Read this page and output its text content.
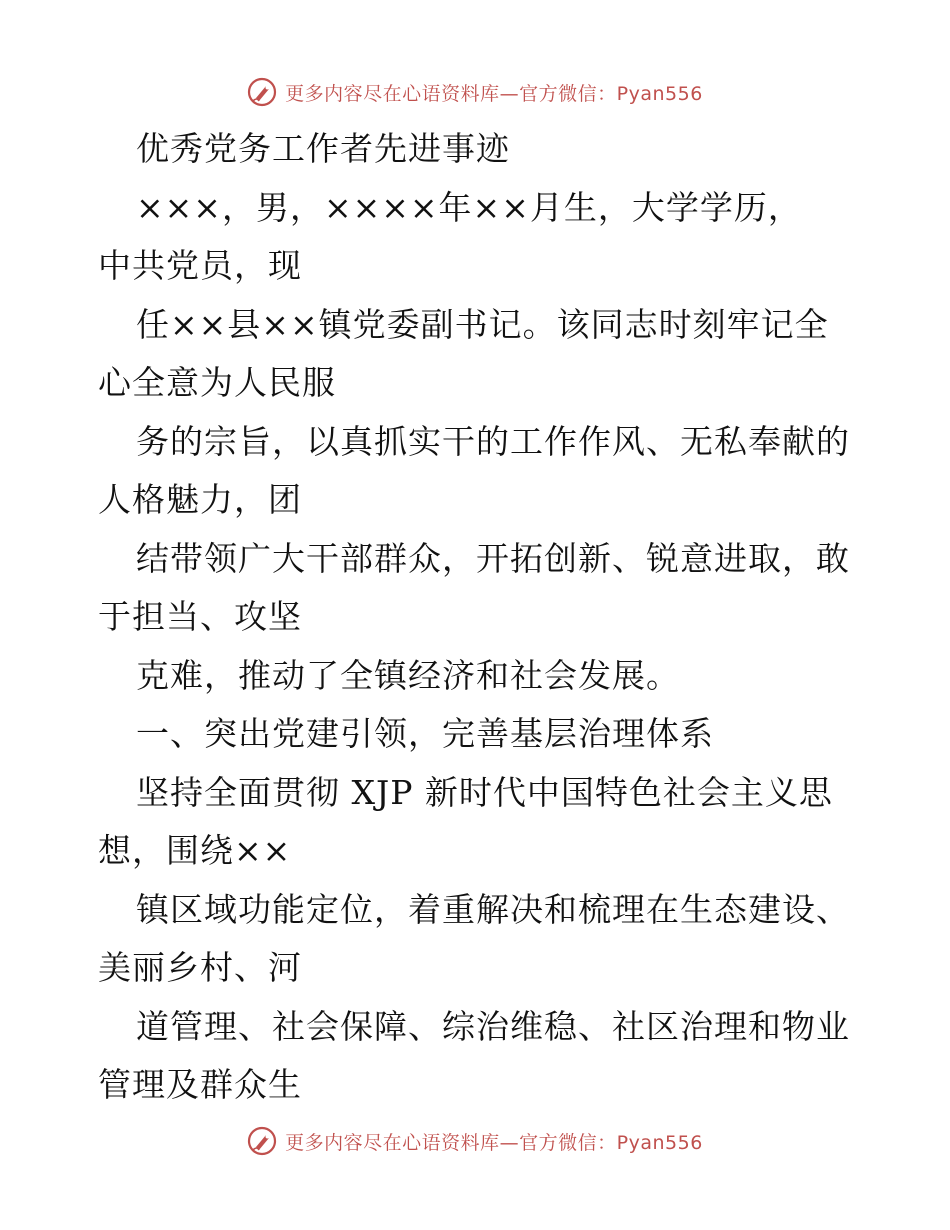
更多内容尽在心语资料库—官方微信：Pyan556
优秀党务工作者先进事迹
×××，男，××××年××月生，大学学历，
中共党员，现
任××县××镇党委副书记。该同志时刻牢记全
心全意为人民服
务的宗旨，以真抓实干的工作作风、无私奉献的
人格魅力，团
结带领广大干部群众，开拓创新、锐意进取，敢
于担当、攻坚
克难，推动了全镇经济和社会发展。
一、突出党建引领，完善基层治理体系
坚持全面贯彻 XJP 新时代中国特色社会主义思
想，围绕××
镇区域功能定位，着重解决和梳理在生态建设、
美丽乡村、河
道管理、社会保障、综治维稳、社区治理和物业
管理及群众生
更多内容尽在心语资料库—官方微信：Pyan556
